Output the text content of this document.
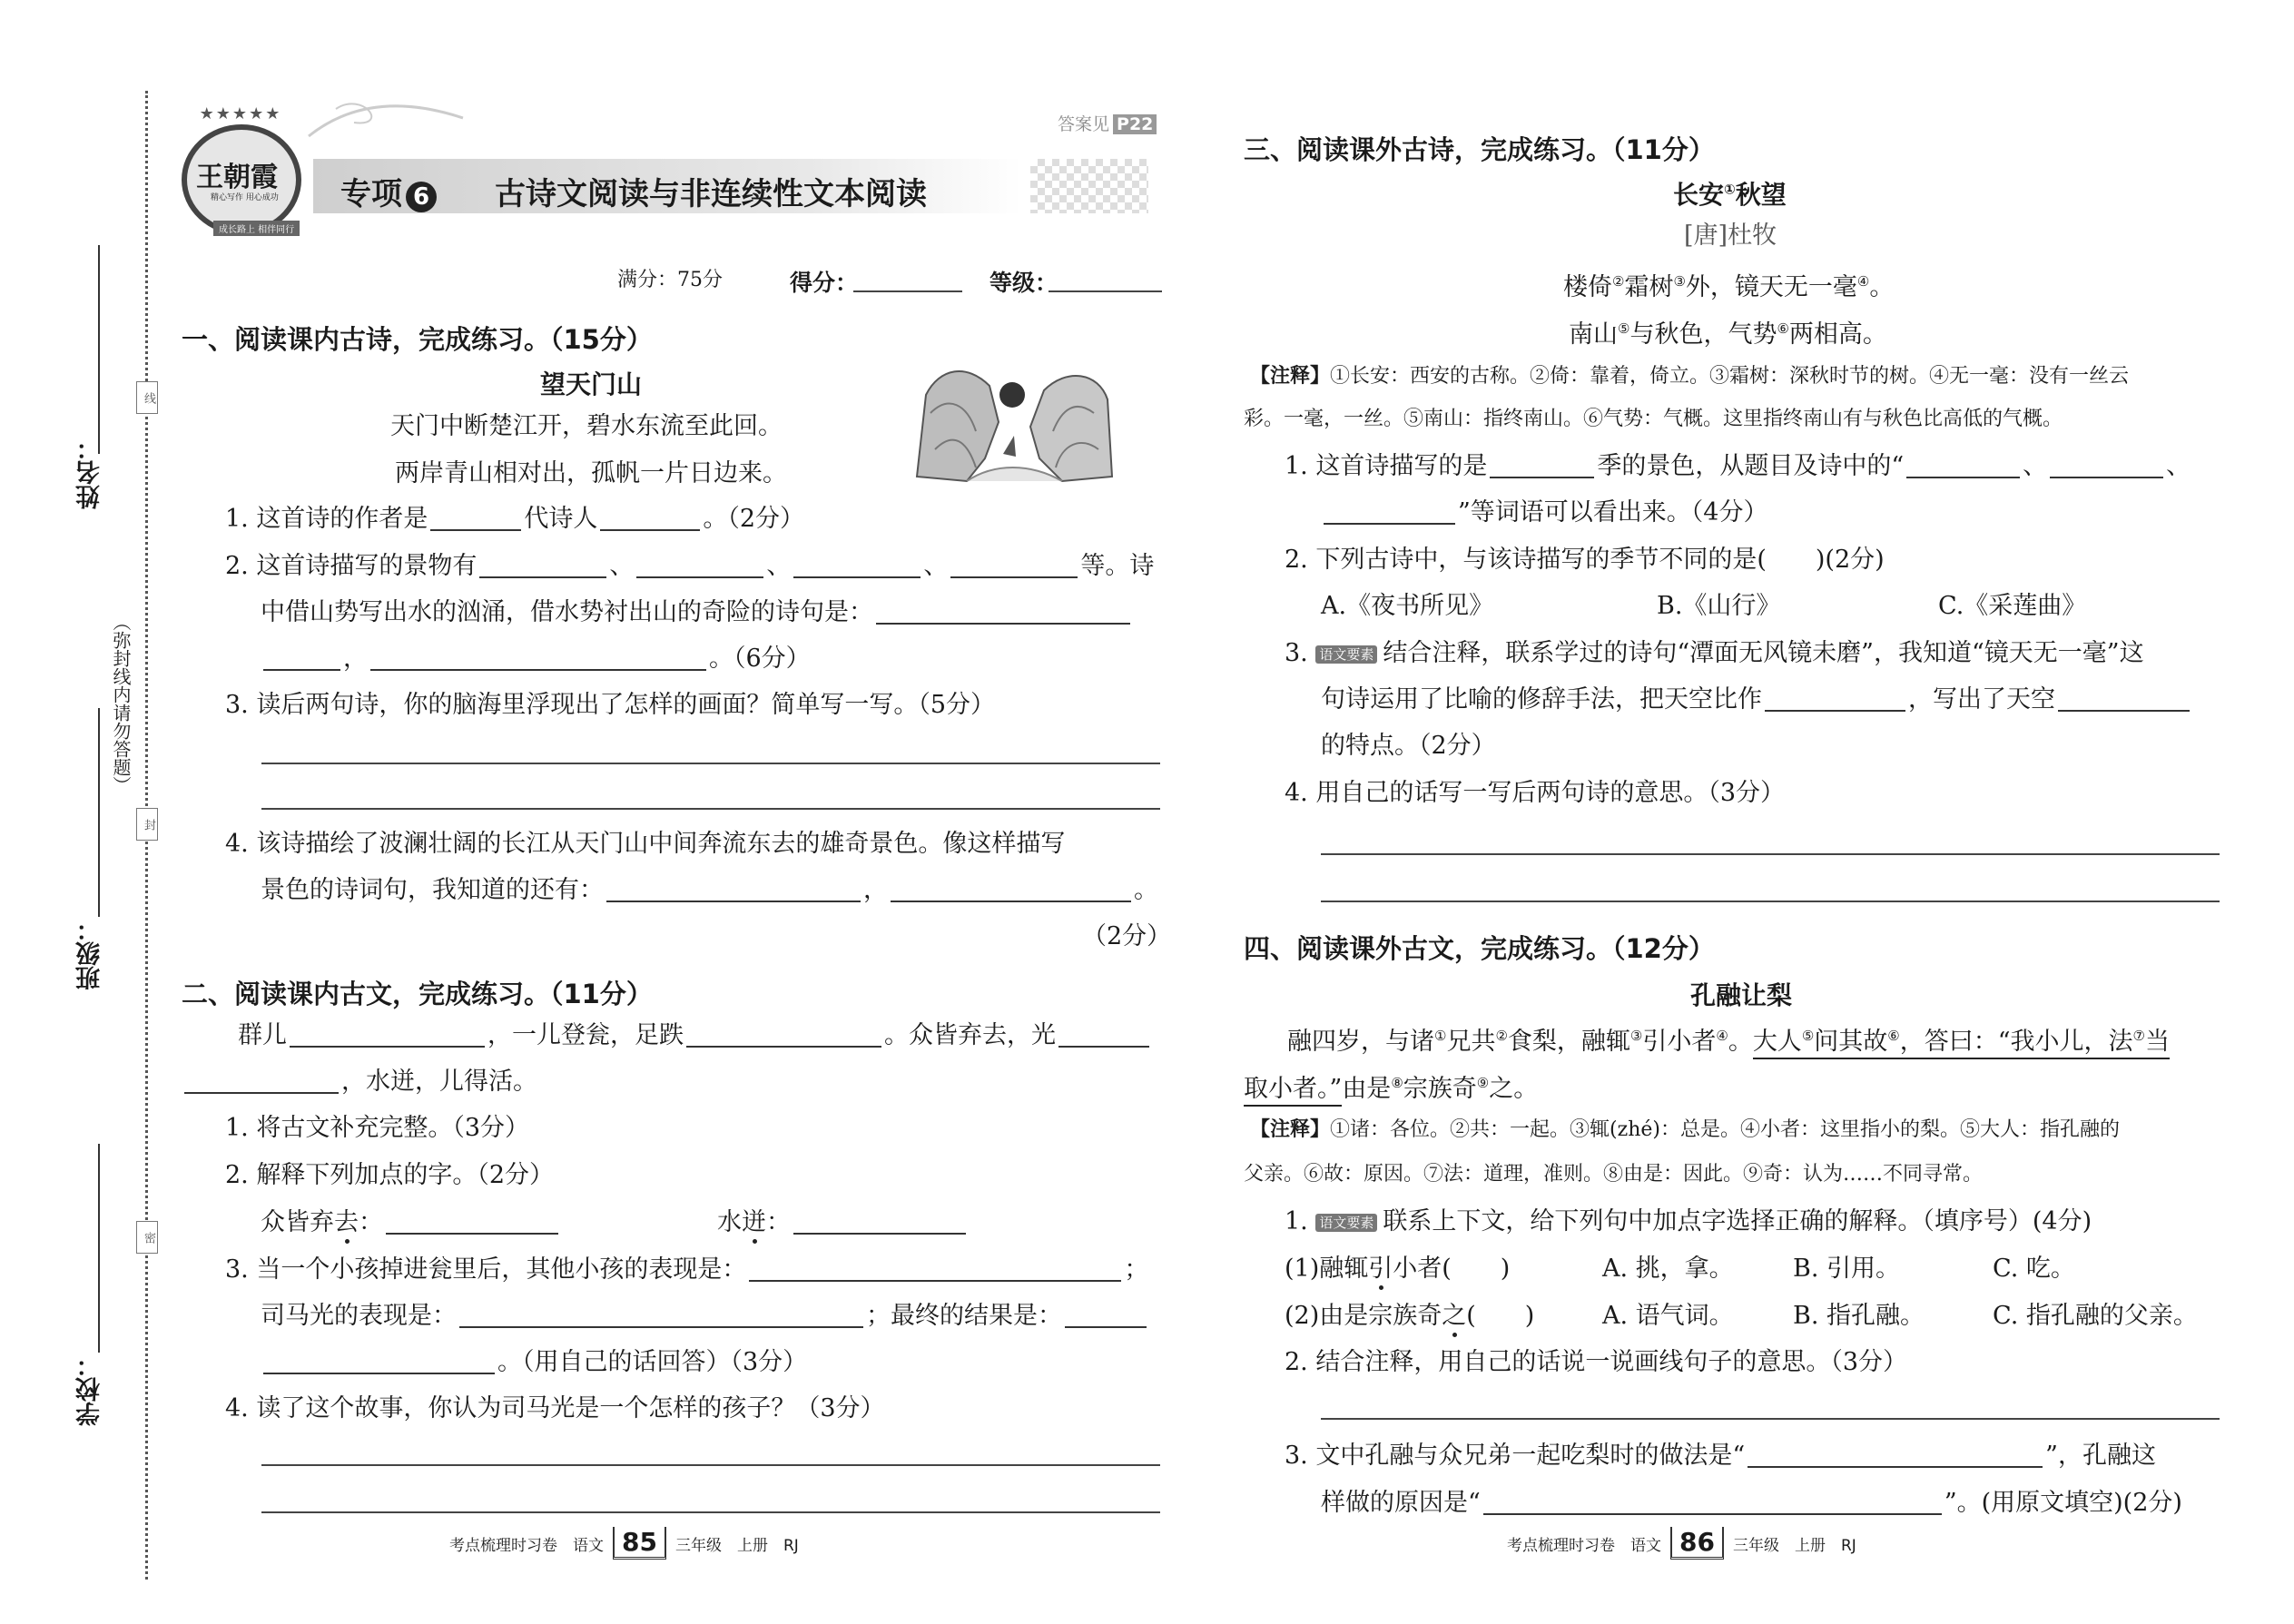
线
封
密
（弥封线内请勿答题）
姓名：
班级：
学校：
★★★★★
王朝霞
精心写作 用心成功
成长路上 相伴同行
专项 6 古诗文阅读与非连续性文本阅读
答案见 P22
满分：75分	得分：	等级：
一、阅读课内古诗，完成练习。（15分）
望天门山
天门中断楚江开，碧水东流至此回。
两岸青山相对出，孤帆一片日边来。
1. 这首诗的作者是	代诗人	。（2分）
2. 这首诗描写的景物有	、	、	、	等。诗
中借山势写出水的汹涌，借水势衬出山的奇险的诗句是：
，	。（6分）
3. 读后两句诗，你的脑海里浮现出了怎样的画面？简单写一写。（5分）
4. 该诗描绘了波澜壮阔的长江从天门山中间奔流东去的雄奇景色。像这样描写
景色的诗词句，我知道的还有：	，	。
（2分）
二、阅读课内古文，完成练习。（11分）
群儿	，一儿登瓮，足跌	。众皆弃去，光
，水迸，儿得活。
1. 将古文补充完整。（3分）
2. 解释下列加点的字。（2分）
众皆弃去：	水迸：
3. 当一个小孩掉进瓮里后，其他小孩的表现是：	；
司马光的表现是：	；最终的结果是：
。（用自己的话回答）（3分）
4. 读了这个故事，你认为司马光是一个怎样的孩子？（3分）
考点梳理时习卷　语文 85 三年级　上册　RJ
三、阅读课外古诗，完成练习。（11分）
长安①秋望
[唐]杜牧
楼倚②霜树③外，镜天无一毫④。
南山⑤与秋色，气势⑥两相高。
【注释】①长安：西安的古称。②倚：靠着，倚立。③霜树：深秋时节的树。④无一毫：没有一丝云
彩。一毫，一丝。⑤南山：指终南山。⑥气势：气概。这里指终南山有与秋色比高低的气概。
1. 这首诗描写的是	季的景色，从题目及诗中的“	、	、
”等词语可以看出来。（4分）
2. 下列古诗中，与该诗描写的季节不同的是(　　)(2分)
A.《夜书所见》	B.《山行》	C.《采莲曲》
3. 语文要素 结合注释，联系学过的诗句“潭面无风镜未磨”，我知道“镜天无一毫”这
句诗运用了比喻的修辞手法，把天空比作	，写出了天空
的特点。（2分）
4. 用自己的话写一写后两句诗的意思。（3分）
四、阅读课外古文，完成练习。（12分）
孔融让梨
融四岁，与诸①兄共②食梨，融辄③引小者④。大人⑤问其故⑥，答曰：“我小儿，法⑦当
取小者。”由是⑧宗族奇⑨之。
【注释】①诸：各位。②共：一起。③辄(zhé)：总是。④小者：这里指小的梨。⑤大人：指孔融的
父亲。⑥故：原因。⑦法：道理，准则。⑧由是：因此。⑨奇：认为……不同寻常。
1. 语文要素 联系上下文，给下列句中加点字选择正确的解释。（填序号）(4分)
(1)融辄引小者(　　)	A. 挑，拿。 B. 引用。	C. 吃。
(2)由是宗族奇之(　　)	A. 语气词。 B. 指孔融。	C. 指孔融的父亲。
2. 结合注释，用自己的话说一说画线句子的意思。（3分）
3. 文中孔融与众兄弟一起吃梨时的做法是“	”，孔融这
样做的原因是“	”。(用原文填空)(2分)
考点梳理时习卷　语文 86 三年级　上册　RJ
